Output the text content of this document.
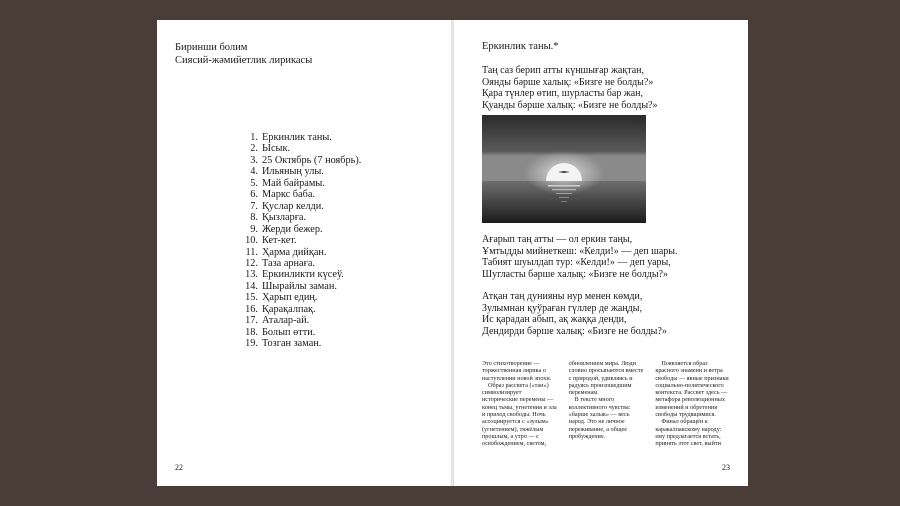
Биринши болим
Сиясий-жәмийетлик лирикасы
1. Еркинлик таны.
2. Ысык.
3. 25 Октябрь (7 ноябрь).
4. Ильяның улы.
5. Май байрамы.
6. Маркс баба.
7. Қуслар келди.
8. Қызларға.
9. Жерди бежер.
10. Кет-кет.
11. Ҳарма дийқан.
12. Таза арнаға.
13. Еркинликти күсеў.
14. Шырайлы заман.
15. Ҳарып едиң.
16. Қарақалпақ.
17. Аталар-ай.
18. Болып өтти.
19. Тозган заман.
22
Еркинлик таны.*
Таң саз берип атты күншығар жақтан,
Оянды бәрше халық: «Бизге не болды?»
Қара түнлер өтип, шурласты бар жан,
Қуанды бәрше халық: «Бизге не болды?»
Ағарып таң атты — ол еркин таңы,
Ұмтыдды мийнеткеш: «Келди!» — деп шары.
Табият шуылдап тур: «Келди!» — деп уары,
Шугласты бәрше халық: «Бизге не болды?»
Атқан таң дунияны нур менен көмди,
Зулымнан қуўраған гүллер де жаңды,
Ис қарадан абып, ақ жаққа денди,
Дендирди бәрше халық: «Бизге не болды?»

Это стихотворение — торжественная лирика о наступлении новой эпохи.

Образ рассвета («тан») символизирует исторические перемены — конец тьмы, угнетения и зла и приход свободы. Ночь ассоциируется с «зулым» (угнетением), тяжёлым прошлым, а утро — с освобождением, светом, обновлением мира. Люди словно просыпаются вместе с природой, удивляясь и радуясь произошедшим переменам.

В тексте много коллективного чувства: «барше халык» — весь народ. Это не личное переживание, а общее пробуждение.

Появляется образ красного знамени и ветра свободы — явные признаки социально-политического контекста. Рассвет здесь — метафора революционных изменений и обретения свободы трудящимися.

Финал обращён к каракалпакскому народу: ему предлагается встать, принять этот свет, выйти

23
